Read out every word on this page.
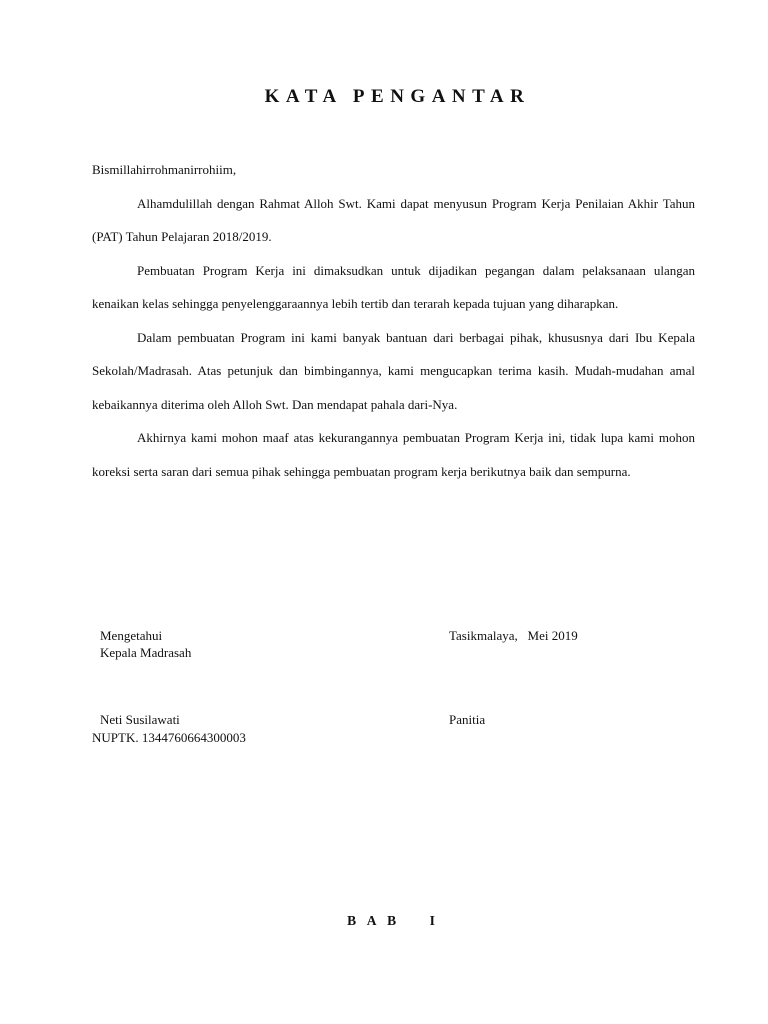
KATA PENGANTAR

Bismillahirrohmanirrohiim,

Alhamdulillah dengan Rahmat Alloh Swt. Kami dapat menyusun Program Kerja Penilaian Akhir Tahun (PAT) Tahun Pelajaran 2018/2019.

Pembuatan Program Kerja ini dimaksudkan untuk dijadikan pegangan dalam pelaksanaan ulangan kenaikan kelas sehingga penyelenggaraannya lebih tertib dan terarah kepada tujuan yang diharapkan.

Dalam pembuatan Program ini kami banyak bantuan dari berbagai pihak, khususnya dari Ibu Kepala Sekolah/Madrasah. Atas petunjuk dan bimbingannya, kami mengucapkan terima kasih. Mudah-mudahan amal kebaikannya diterima oleh Alloh Swt. Dan mendapat pahala dari-Nya.

Akhirnya kami mohon maaf atas kekurangannya pembuatan Program Kerja ini, tidak lupa kami mohon koreksi serta saran dari semua pihak sehingga pembuatan program kerja berikutnya baik dan sempurna.

Mengetahui
Kepala Madrasah
Tasikmalaya,   Mei 2019
Neti Susilawati
NUPTK. 1344760664300003
Panitia
B A B    I
